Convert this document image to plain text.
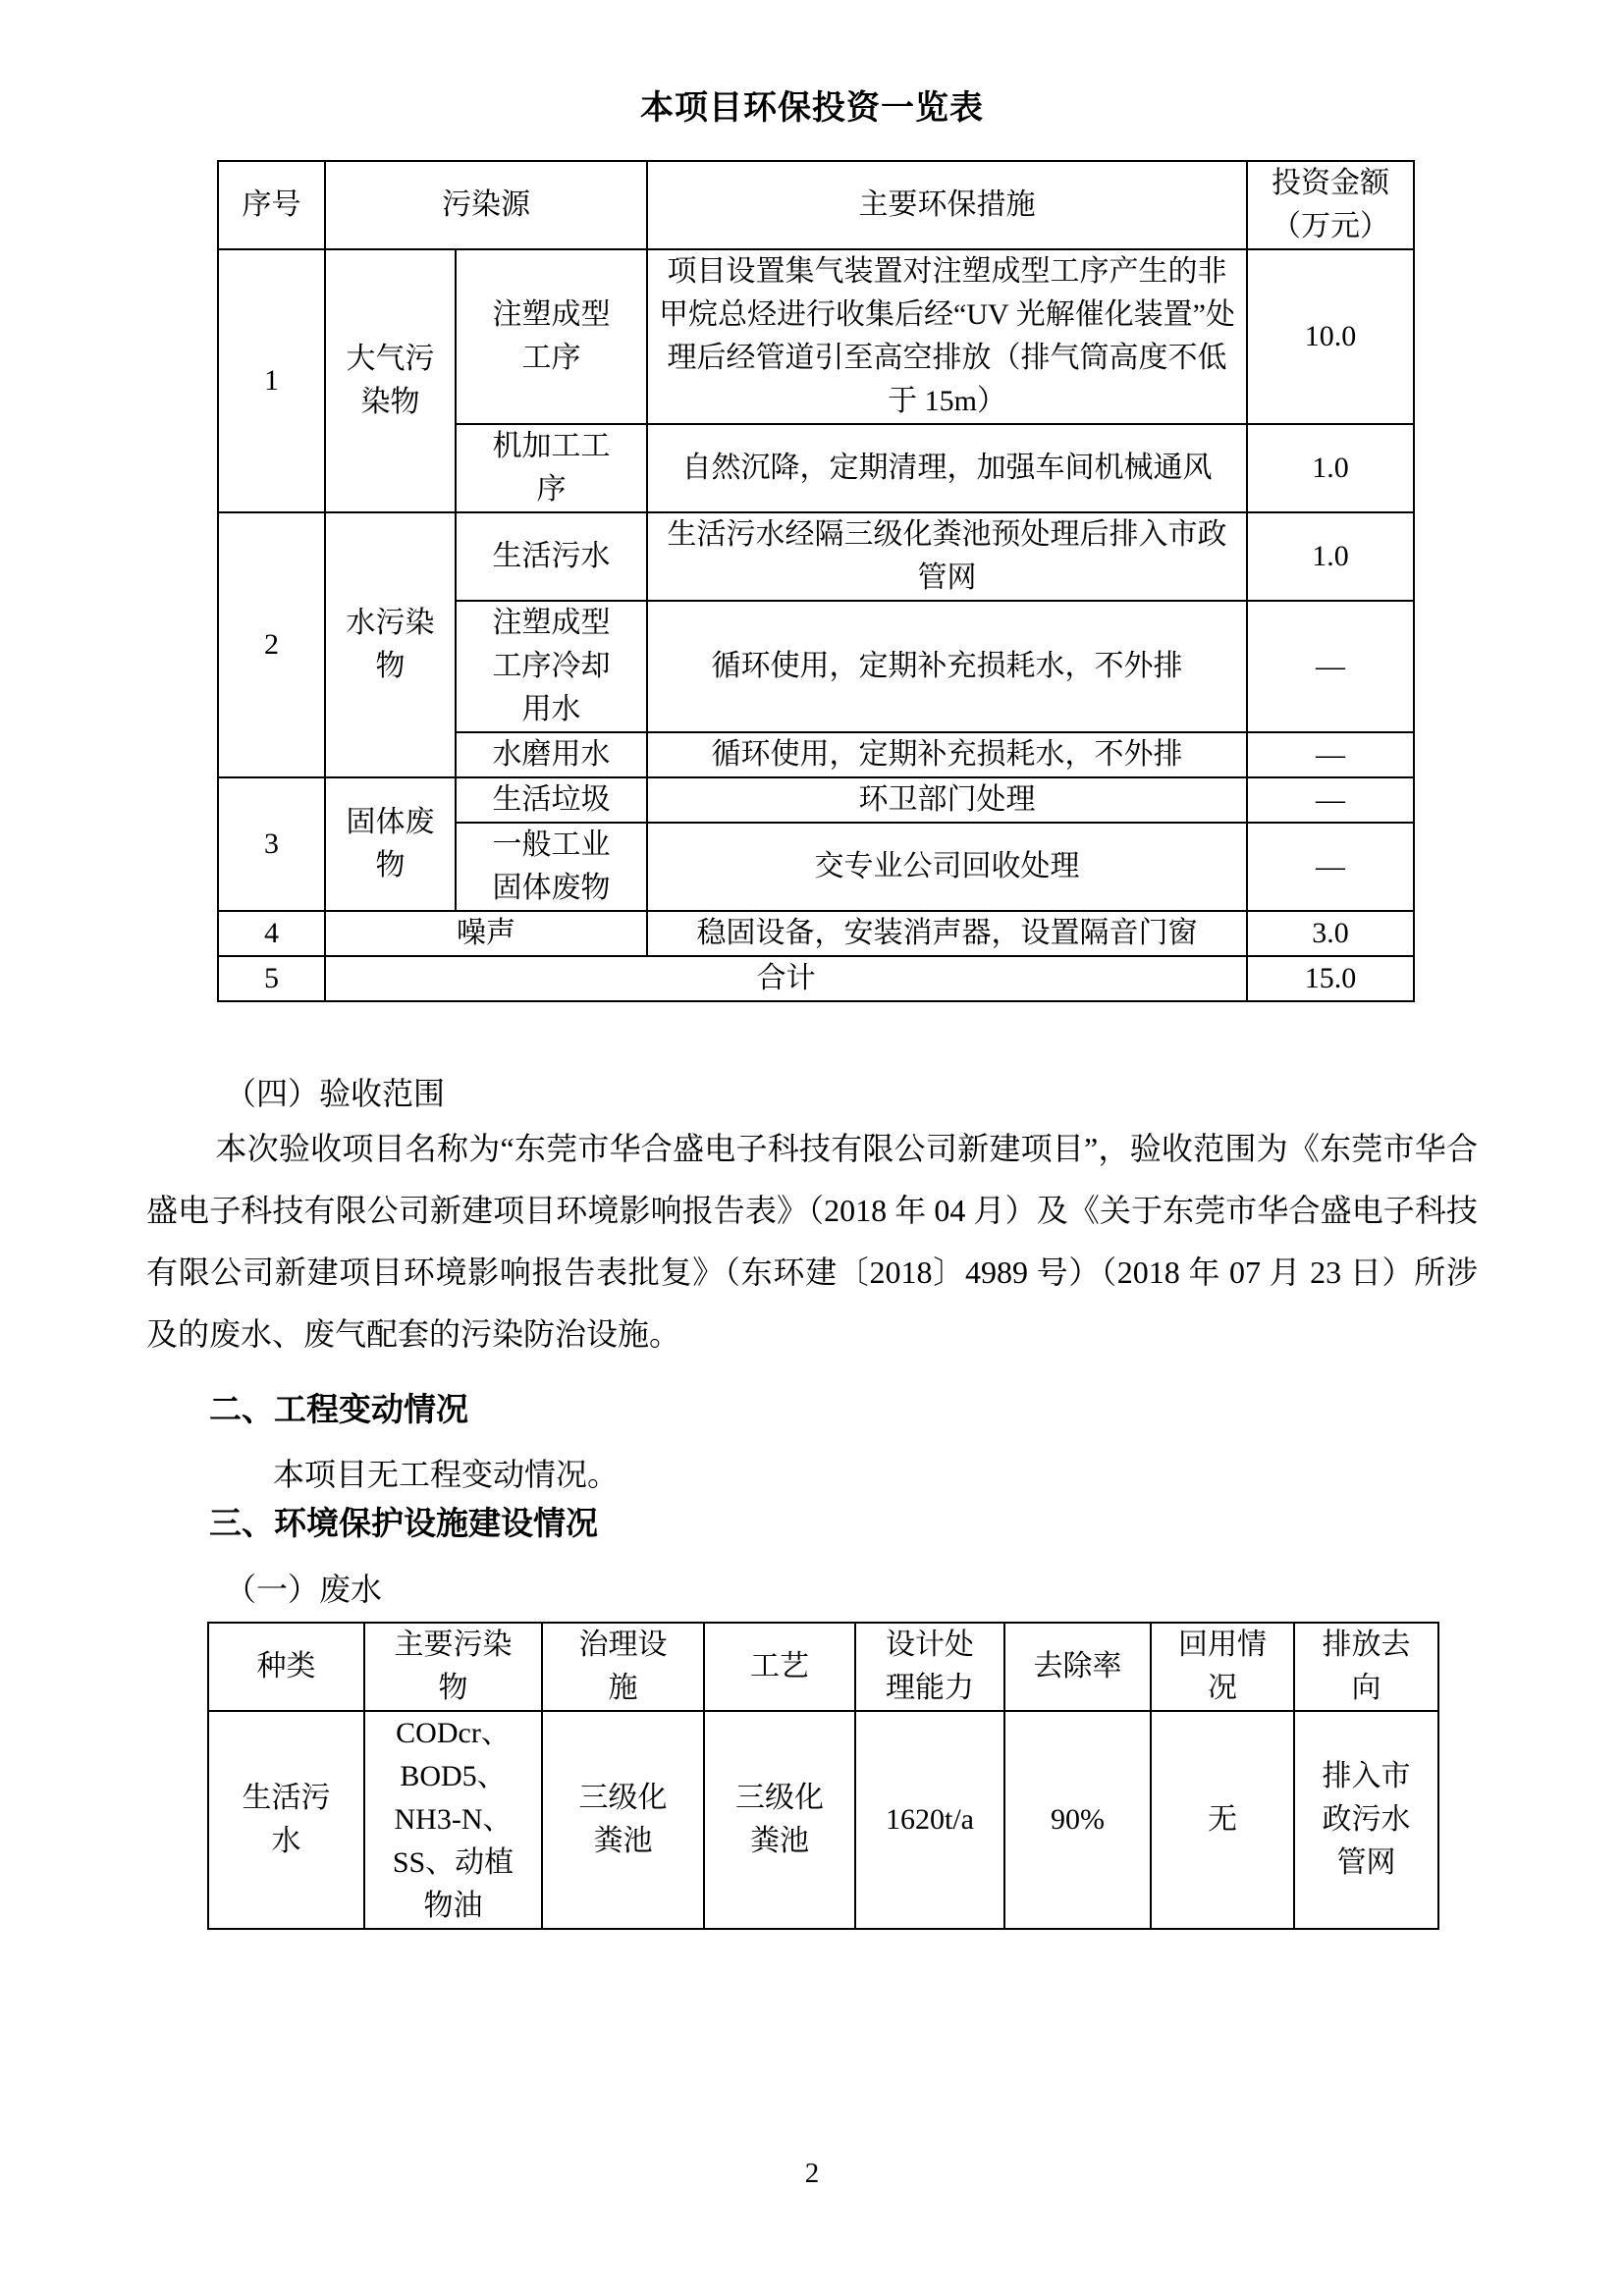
本项目环保投资一览表
序号	污染源		主要环保措施	投资金额
（万元）

1	大气污染物	注塑成型工序	项目设置集气装置对注塑成型工序产生的非甲烷总烃进行收集后经“UV 光解催化装置”处理后经管道引至高空排放（排气筒高度不低于 15m）	10.0
		机加工工序	自然沉降，定期清理，加强车间机械通风	1.0
2	水污染物	生活污水	生活污水经隔三级化粪池预处理后排入市政管网	1.0
		注塑成型工序冷却用水	循环使用，定期补充损耗水，不外排	—
		水磨用水	循环使用，定期补充损耗水，不外排	—
3	固体废物	生活垃圾	环卫部门处理	—
		一般工业固体废物	交专业公司回收处理	—
4	噪声		稳固设备，安装消声器，设置隔音门窗	3.0
5	合计			15.0
（四）验收范围
本次验收项目名称为“东莞市华合盛电子科技有限公司新建项目”，验收范围为《东莞市华合盛电子科技有限公司新建项目环境影响报告表》（2018 年 04 月）及《关于东莞市华合盛电子科技有限公司新建项目环境影响报告表批复》（东环建〔2018〕4989 号）（2018 年 07 月 23 日）所涉及的废水、废气配套的污染防治设施。
二、工程变动情况
本项目无工程变动情况。
三、环境保护设施建设情况
（一）废水
种类	主要污染物	治理设施	工艺	设计处理能力	去除率	回用情况	排放去向
生活污水	CODcr、BOD5、NH3-N、SS、动植物油	三级化粪池	三级化粪池	1620t/a	90%	无	排入市政污水管网
2
